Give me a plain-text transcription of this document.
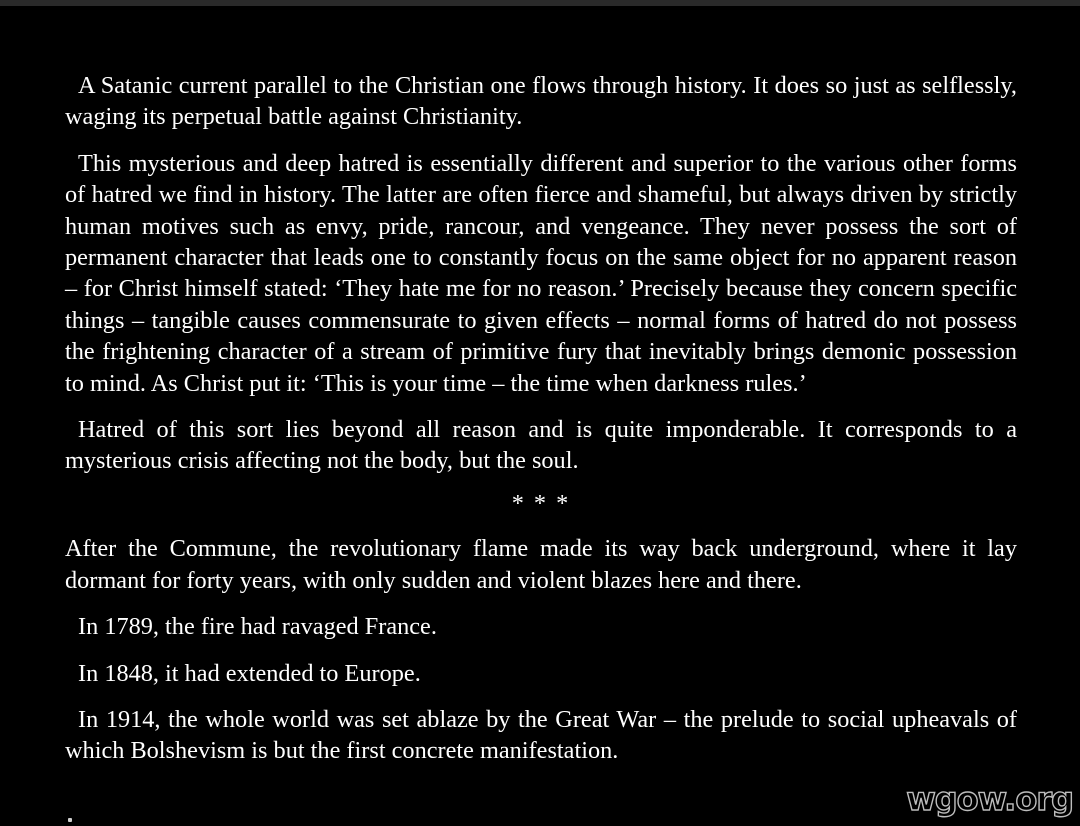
A Satanic current parallel to the Christian one flows through history. It does so just as selflessly, waging its perpetual battle against Christianity.

This mysterious and deep hatred is essentially different and superior to the various other forms of hatred we find in history. The latter are often fierce and shameful, but always driven by strictly human motives such as envy, pride, rancour, and vengeance. They never possess the sort of permanent character that leads one to constantly focus on the same object for no apparent reason – for Christ himself stated: ‘They hate me for no reason.’ Precisely because they concern specific things – tangible causes commensurate to given effects – normal forms of hatred do not possess the frightening character of a stream of primitive fury that inevitably brings demonic possession to mind. As Christ put it: ‘This is your time – the time when darkness rules.’

Hatred of this sort lies beyond all reason and is quite imponderable. It corresponds to a mysterious crisis affecting not the body, but the soul.

* * *

After the Commune, the revolutionary flame made its way back underground, where it lay dormant for forty years, with only sudden and violent blazes here and there.

In 1789, the fire had ravaged France.

In 1848, it had extended to Europe.

In 1914, the whole world was set ablaze by the Great War – the prelude to social upheavals of which Bolshevism is but the first concrete manifestation.

wgow.org
